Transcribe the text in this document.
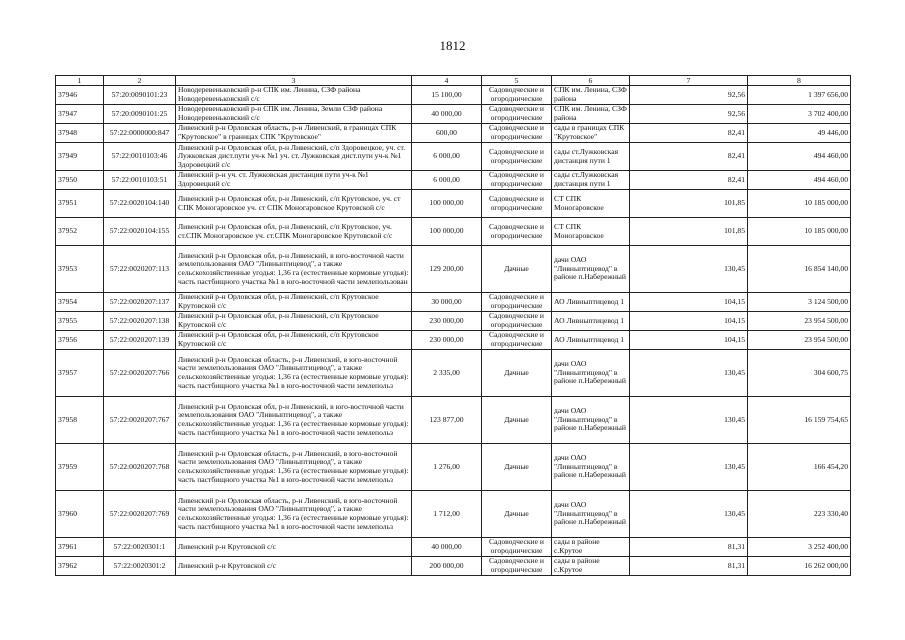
1812
1	2	3	4	5	6	7	8
37946	57:20:0090101:23	Новодеревеньковский р-н СПК им. Ленина, СЗФ района Новодеревеньковский с/с	15 100,00	Садоводческие и огороднические	СПК им. Ленина, СЗФ района	92,56	1 397 656,00
37947	57:20:0090101:25	Новодеревеньковский р-н СПК им. Ленина, Земли СЗФ района Новодеревеньковский с/с	40 000,00	Садоводческие и огороднические	СПК им. Ленина, СЗФ района	92,56	3 702 400,00
37948	57:22:0000000:847	Ливенский р-н Орловская область, р-н Ливенский, в границах СПК "Крутовское" в границах СПК "Крутовское"	600,00	Садоводческие и огороднические	сады в границах СПК "Крутовское"	82,41	49 446,00
37949	57:22:0010103:46	Ливенский р-н Орловская обл, р-н Ливенский, с/п Здоровецкое, уч. ст. Лужковская дист.пути уч-к №1 уч. ст. Лужковская дист.пути уч-к №1 Здоровецкий с/с	6 000,00	Садоводческие и огороднические	сады ст.Лужковская дистанция пути 1	82,41	494 460,00
37950	57:22:0010103:51	Ливенский р-н уч. ст. Лужковская дистанция пути уч-к №1 Здоровецкий с/с	6 000,00	Садоводческие и огороднические	сады ст.Лужковская дистанция пути 1	82,41	494 460,00
37951	57:22:0020104:140	Ливенский р-н Орловская обл, р-н Ливенский, с/п Крутовское, уч. ст СПК Моногаровское уч. ст СПК Моногаровское Крутовской с/с	100 000,00	Садоводческие и огороднические	СТ СПК Моногаровское	101,85	10 185 000,00
37952	57:22:0020104:155	Ливенский р-н Орловская обл, р-н Ливенский, с/п Крутовское, уч. ст.СПК Моногаровское уч. ст.СПК Моногаровское Крутовской с/с	100 000,00	Садоводческие и огороднические	СТ СПК Моногаровское	101,85	10 185 000,00
37953	57:22:0020207:113	Ливенский р-н Орловская обл, р-н Ливенский, в юго-восточной части землепользования ОАО "Ливныптицевод", а также сельскохозяйственные угодья: 1,36 га (естественные кормовые угодья): часть пастбищного участка №1 в юго-восточной части землепользован	129 200,00	Дачные	дачи ОАО "Ливныптицевод" в районе п.Набережный	130,45	16 854 140,00
37954	57:22:0020207:137	Ливенский р-н Орловская обл, р-н Ливенский, с/п Крутовское Крутовской с/с	30 000,00	Садоводческие и огороднические	АО Ливныптицевод 1	104,15	3 124 500,00
37955	57:22:0020207:138	Ливенский р-н Орловская обл, р-н Ливенский, с/п Крутовское Крутовской с/с	230 000,00	Садоводческие и огороднические	АО Ливныптицевод 1	104,15	23 954 500,00
37956	57:22:0020207:139	Ливенский р-н Орловская обл, р-н Ливенский, с/п Крутовское Крутовской с/с	230 000,00	Садоводческие и огороднические	АО Ливныптицевод 1	104,15	23 954 500,00
37957	57:22:0020207:766	Ливенский р-н Орловская область, р-н Ливенский, в юго-восточной части землепользования ОАО "Ливныптицевод", а также сельскохозяйственные угодья: 1,36 га (естественные кормовые угодья): часть пастбищного участка №1 в юго-восточной части землепольз	2 335,00	Дачные	дачи ОАО "Ливныптицевод" в районе п.Набережный	130,45	304 600,75
37958	57:22:0020207:767	Ливенский р-н Орловская обл, р-н Ливенский, в юго-восточной части землепользования ОАО "Ливныптицевод", а также сельскохозяйственные угодья: 1,36 га (естественные кормовые угодья): часть пастбищного участка №1 в юго-восточной части землепольз	123 877,00	Дачные	дачи ОАО "Ливныптицевод" в районе п.Набережный	130,45	16 159 754,65
37959	57:22:0020207:768	Ливенский р-н Орловская область, р-н Ливенский, в юго-восточной части землепользования ОАО "Ливныптицевод", а также сельскохозяйственные угодья: 1,36 га (естественные кормовые угодья): часть пастбищного участка №1 в юго-восточной части землепольз	1 276,00	Дачные	дачи ОАО "Ливныптицевод" в районе п.Набережный	130,45	166 454,20
37960	57:22:0020207:769	Ливенский р-н Орловская область, р-н Ливенский, в юго-восточной части землепользования ОАО "Ливныптицевод", а также сельскохозяйственные угодья: 1,36 га (естественные кормовые угодья): часть пастбищного участка №1 в юго-восточной части землепольз	1 712,00	Дачные	дачи ОАО "Ливныптицевод" в районе п.Набережный	130,45	223 330,40
37961	57:22:0020301:1	Ливенский р-н Крутовской с/с	40 000,00	Садоводческие и огороднические	сады в районе с.Крутое	81,31	3 252 400,00
37962	57:22:0020301:2	Ливенский р-н Крутовской с/с	200 000,00	Садоводческие и огороднические	сады в районе с.Крутое	81,31	16 262 000,00
